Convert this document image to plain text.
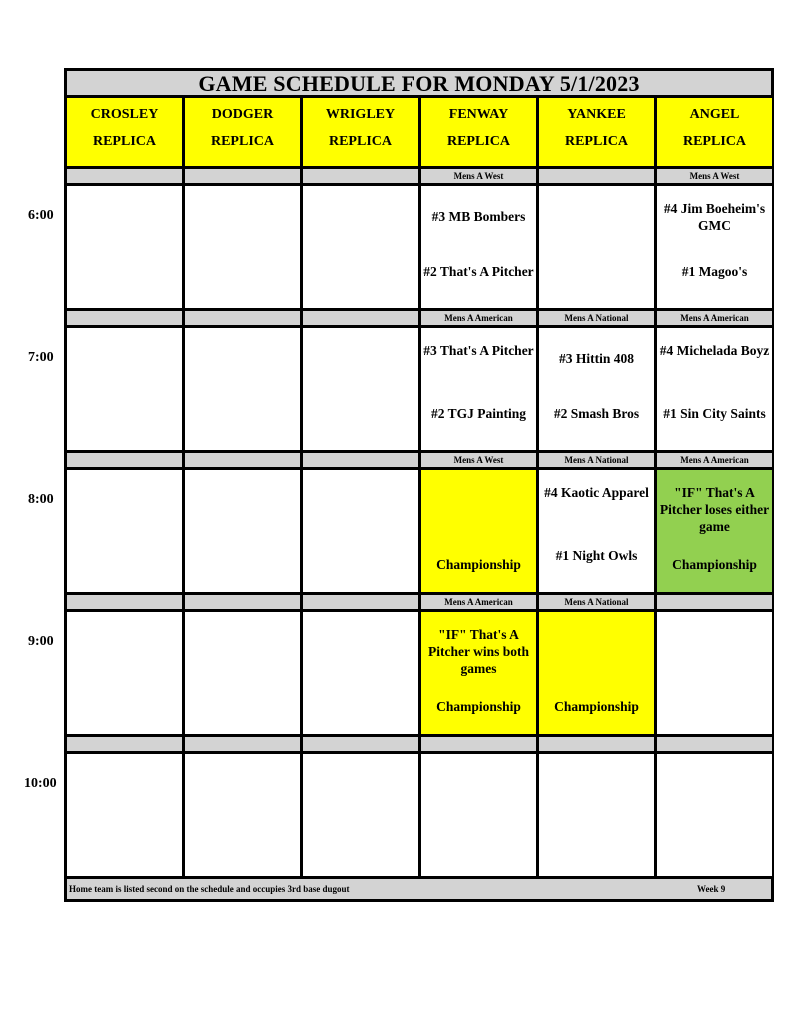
GAME SCHEDULE FOR MONDAY 5/1/2023
CROSLEY
REPLICA
DODGER
REPLICA
WRIGLEY
REPLICA
FENWAY
REPLICA
YANKEE
REPLICA
ANGEL
REPLICA
Mens A West
#3 MB Bombers
#2 That's A Pitcher
Mens A West
#4 Jim Boeheim's GMC
#1 Magoo's
Mens A American
#3 That's A Pitcher
#2 TGJ Painting
Mens A National
#3 Hittin 408
#2 Smash Bros
Mens A American
#4 Michelada Boyz
#1 Sin City Saints
Mens A West
Championship
Mens A National
#4 Kaotic Apparel
#1 Night Owls
Mens A American
"IF" That's A Pitcher loses either game
Championship
Mens A American
"IF" That's A Pitcher wins both games
Championship
Mens A National
Championship
Home team is listed second on the schedule and occupies 3rd base dugout	Week 9
6:00
7:00
8:00
9:00
10:00
